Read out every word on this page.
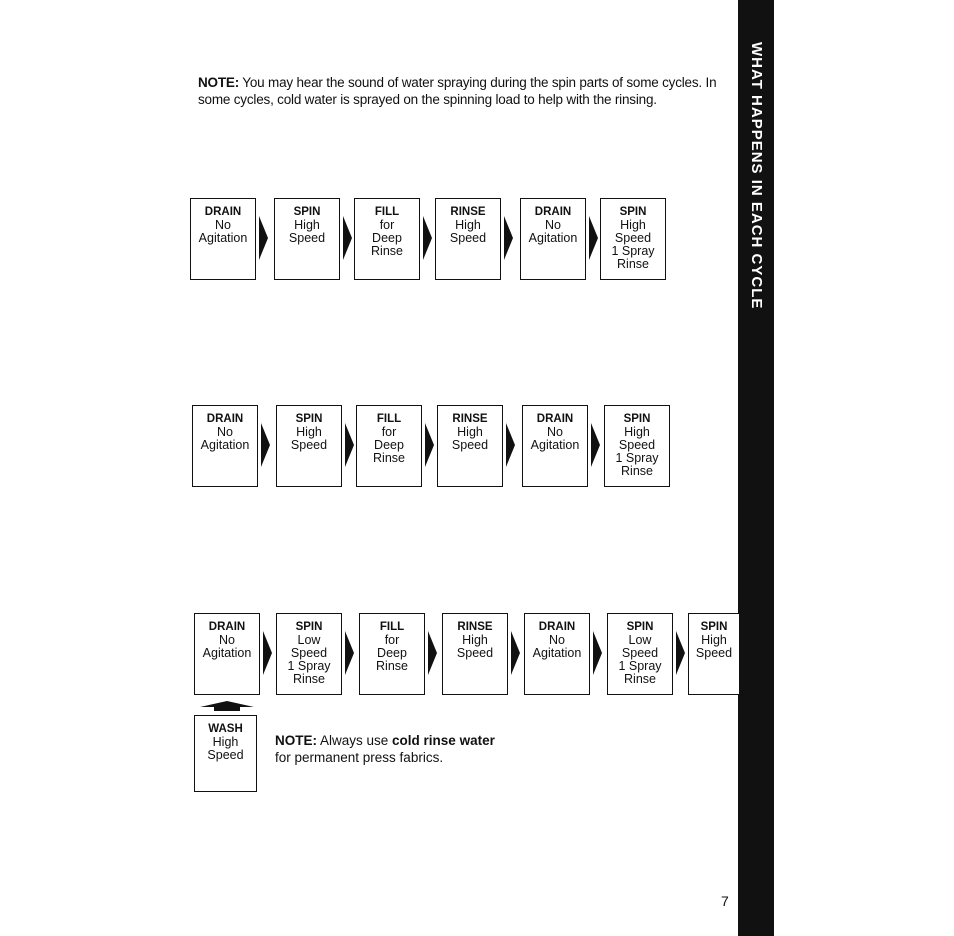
WHAT HAPPENS IN EACH CYCLE

NOTE: You may hear the sound of water spraying during the spin parts of some cycles. In some cycles, cold water is sprayed on the spinning load to help with the rinsing.

DRAIN
No
Agitation
SPIN
High
Speed
FILL
for
Deep
Rinse
RINSE
High
Speed
DRAIN
No
Agitation
SPIN
High
Speed
1 Spray
Rinse
DRAIN
No
Agitation
SPIN
High
Speed
FILL
for
Deep
Rinse
RINSE
High
Speed
DRAIN
No
Agitation
SPIN
High
Speed
1 Spray
Rinse
DRAIN
No
Agitation
SPIN
Low
Speed
1 Spray
Rinse
FILL
for
Deep
Rinse
RINSE
High
Speed
DRAIN
No
Agitation
SPIN
Low
Speed
1 Spray
Rinse
SPIN
High
Speed
WASH
High
Speed

NOTE: Always use cold rinse water
for permanent press fabrics.

7
